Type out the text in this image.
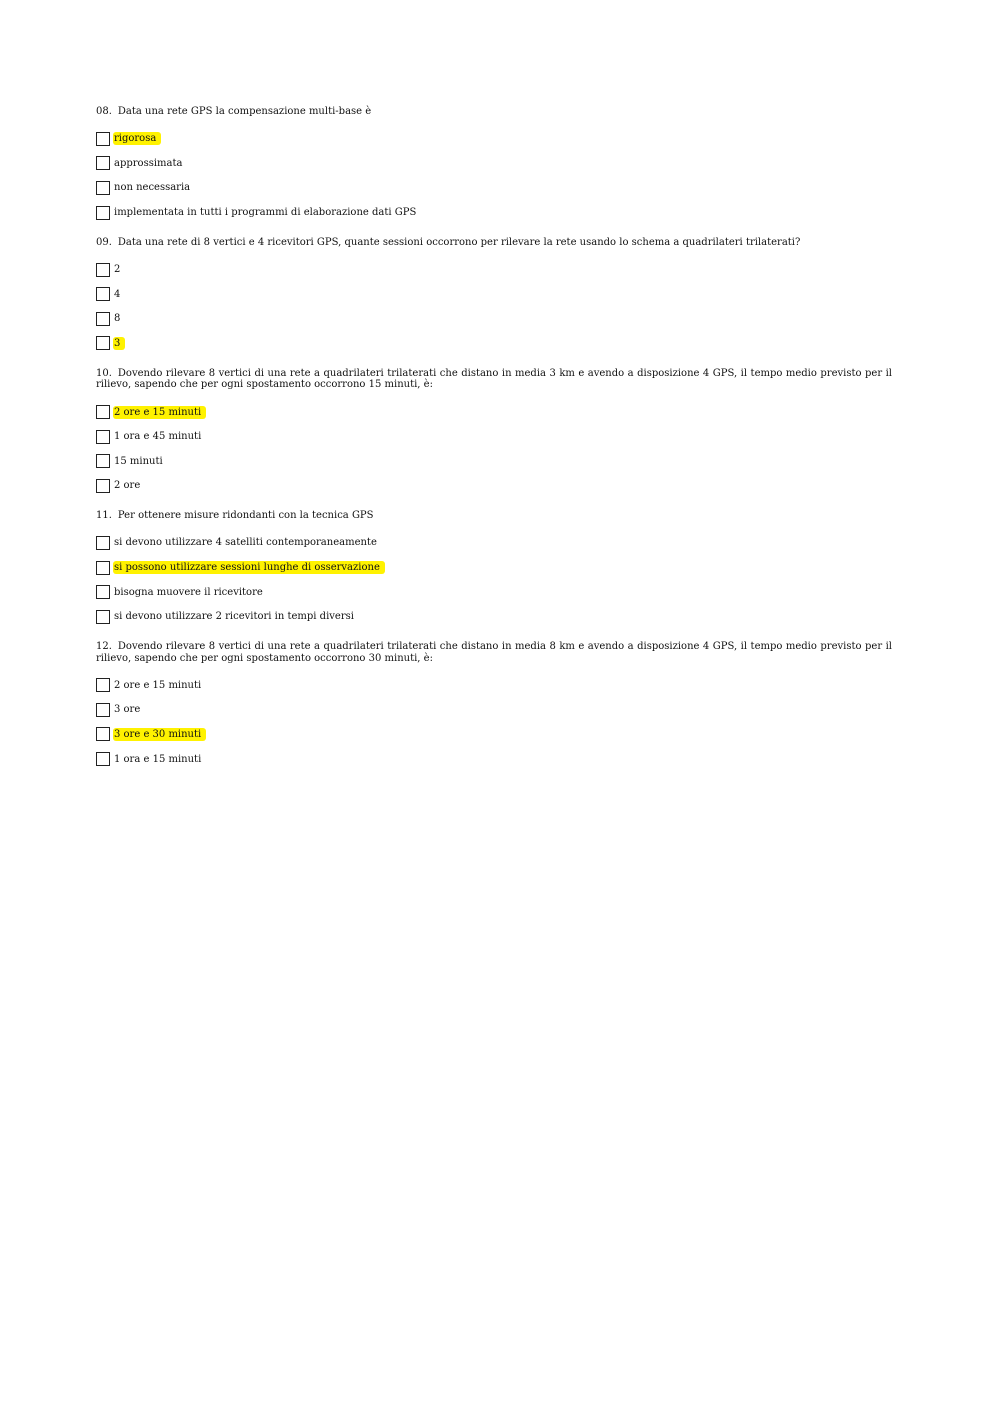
08. Data una rete GPS la compensazione multi-base è

rigorosa
approssimata
non necessaria
implementata in tutti i programmi di elaborazione dati GPS

09. Data una rete di 8 vertici e 4 ricevitori GPS, quante sessioni occorrono per rilevare la rete usando lo schema a quadrilateri trilaterati?

2
4
8
3

10. Dovendo rilevare 8 vertici di una rete a quadrilateri trilaterati che distano in media 3 km e avendo a disposizione 4 GPS, il tempo medio previsto per il rilievo, sapendo che per ogni spostamento occorrono 15 minuti, è:

2 ore e 15 minuti
1 ora e 45 minuti
15 minuti
2 ore

11. Per ottenere misure ridondanti con la tecnica GPS

si devono utilizzare 4 satelliti contemporaneamente
si possono utilizzare sessioni lunghe di osservazione
bisogna muovere il ricevitore
si devono utilizzare 2 ricevitori in tempi diversi

12. Dovendo rilevare 8 vertici di una rete a quadrilateri trilaterati che distano in media 8 km e avendo a disposizione 4 GPS, il tempo medio previsto per il rilievo, sapendo che per ogni spostamento occorrono 30 minuti, è:

2 ore e 15 minuti
3 ore
3 ore e 30 minuti
1 ora e 15 minuti
